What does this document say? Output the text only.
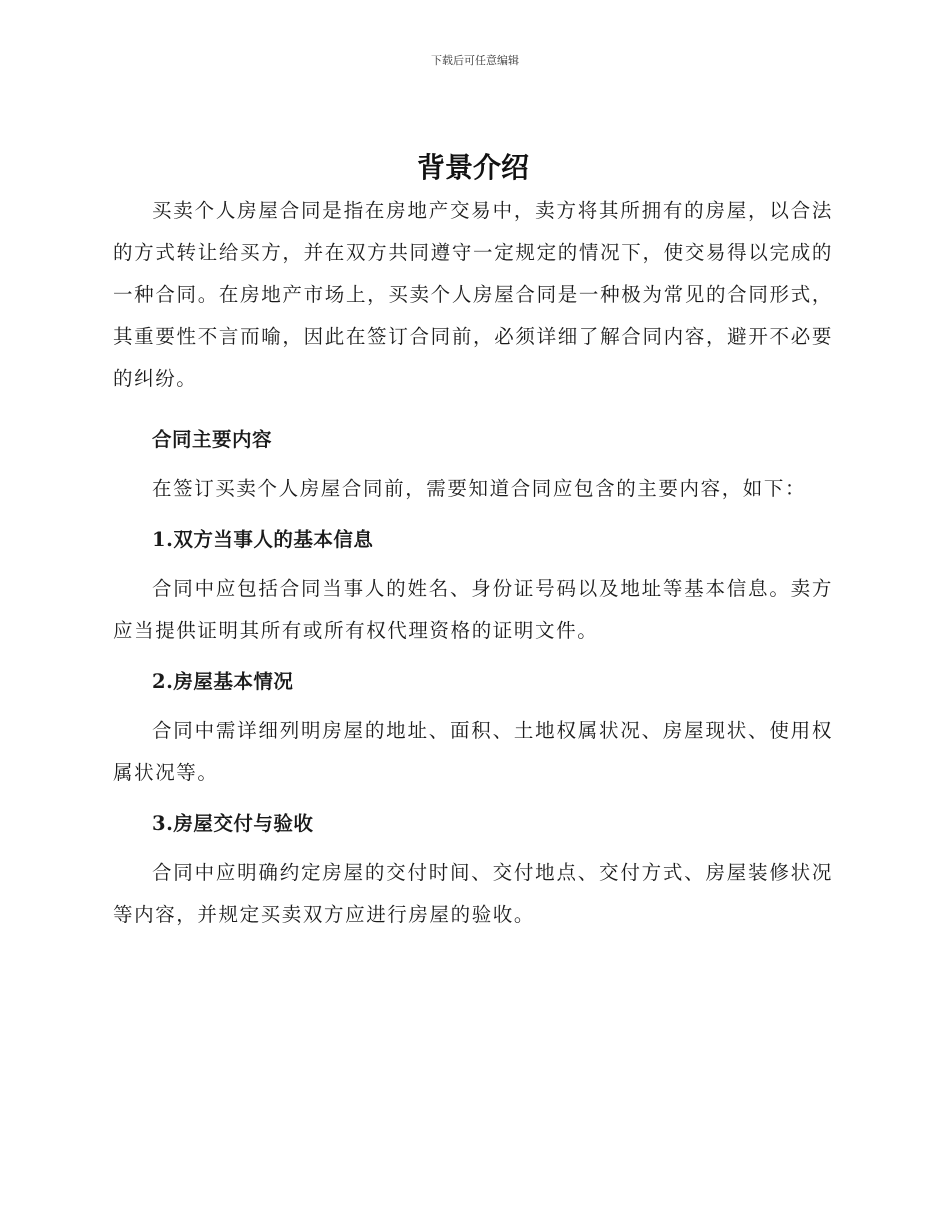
下载后可任意编辑
背景介绍

买卖个人房屋合同是指在房地产交易中，卖方将其所拥有的房屋，以合法的方式转让给买方，并在双方共同遵守一定规定的情况下，使交易得以完成的一种合同。在房地产市场上，买卖个人房屋合同是一种极为常见的合同形式，其重要性不言而喻，因此在签订合同前，必须详细了解合同内容，避开不必要的纠纷。

合同主要内容

在签订买卖个人房屋合同前，需要知道合同应包含的主要内容，如下：

1.双方当事人的基本信息

合同中应包括合同当事人的姓名、身份证号码以及地址等基本信息。卖方应当提供证明其所有或所有权代理资格的证明文件。

2.房屋基本情况

合同中需详细列明房屋的地址、面积、土地权属状况、房屋现状、使用权属状况等。

3.房屋交付与验收

合同中应明确约定房屋的交付时间、交付地点、交付方式、房屋装修状况等内容，并规定买卖双方应进行房屋的验收。
